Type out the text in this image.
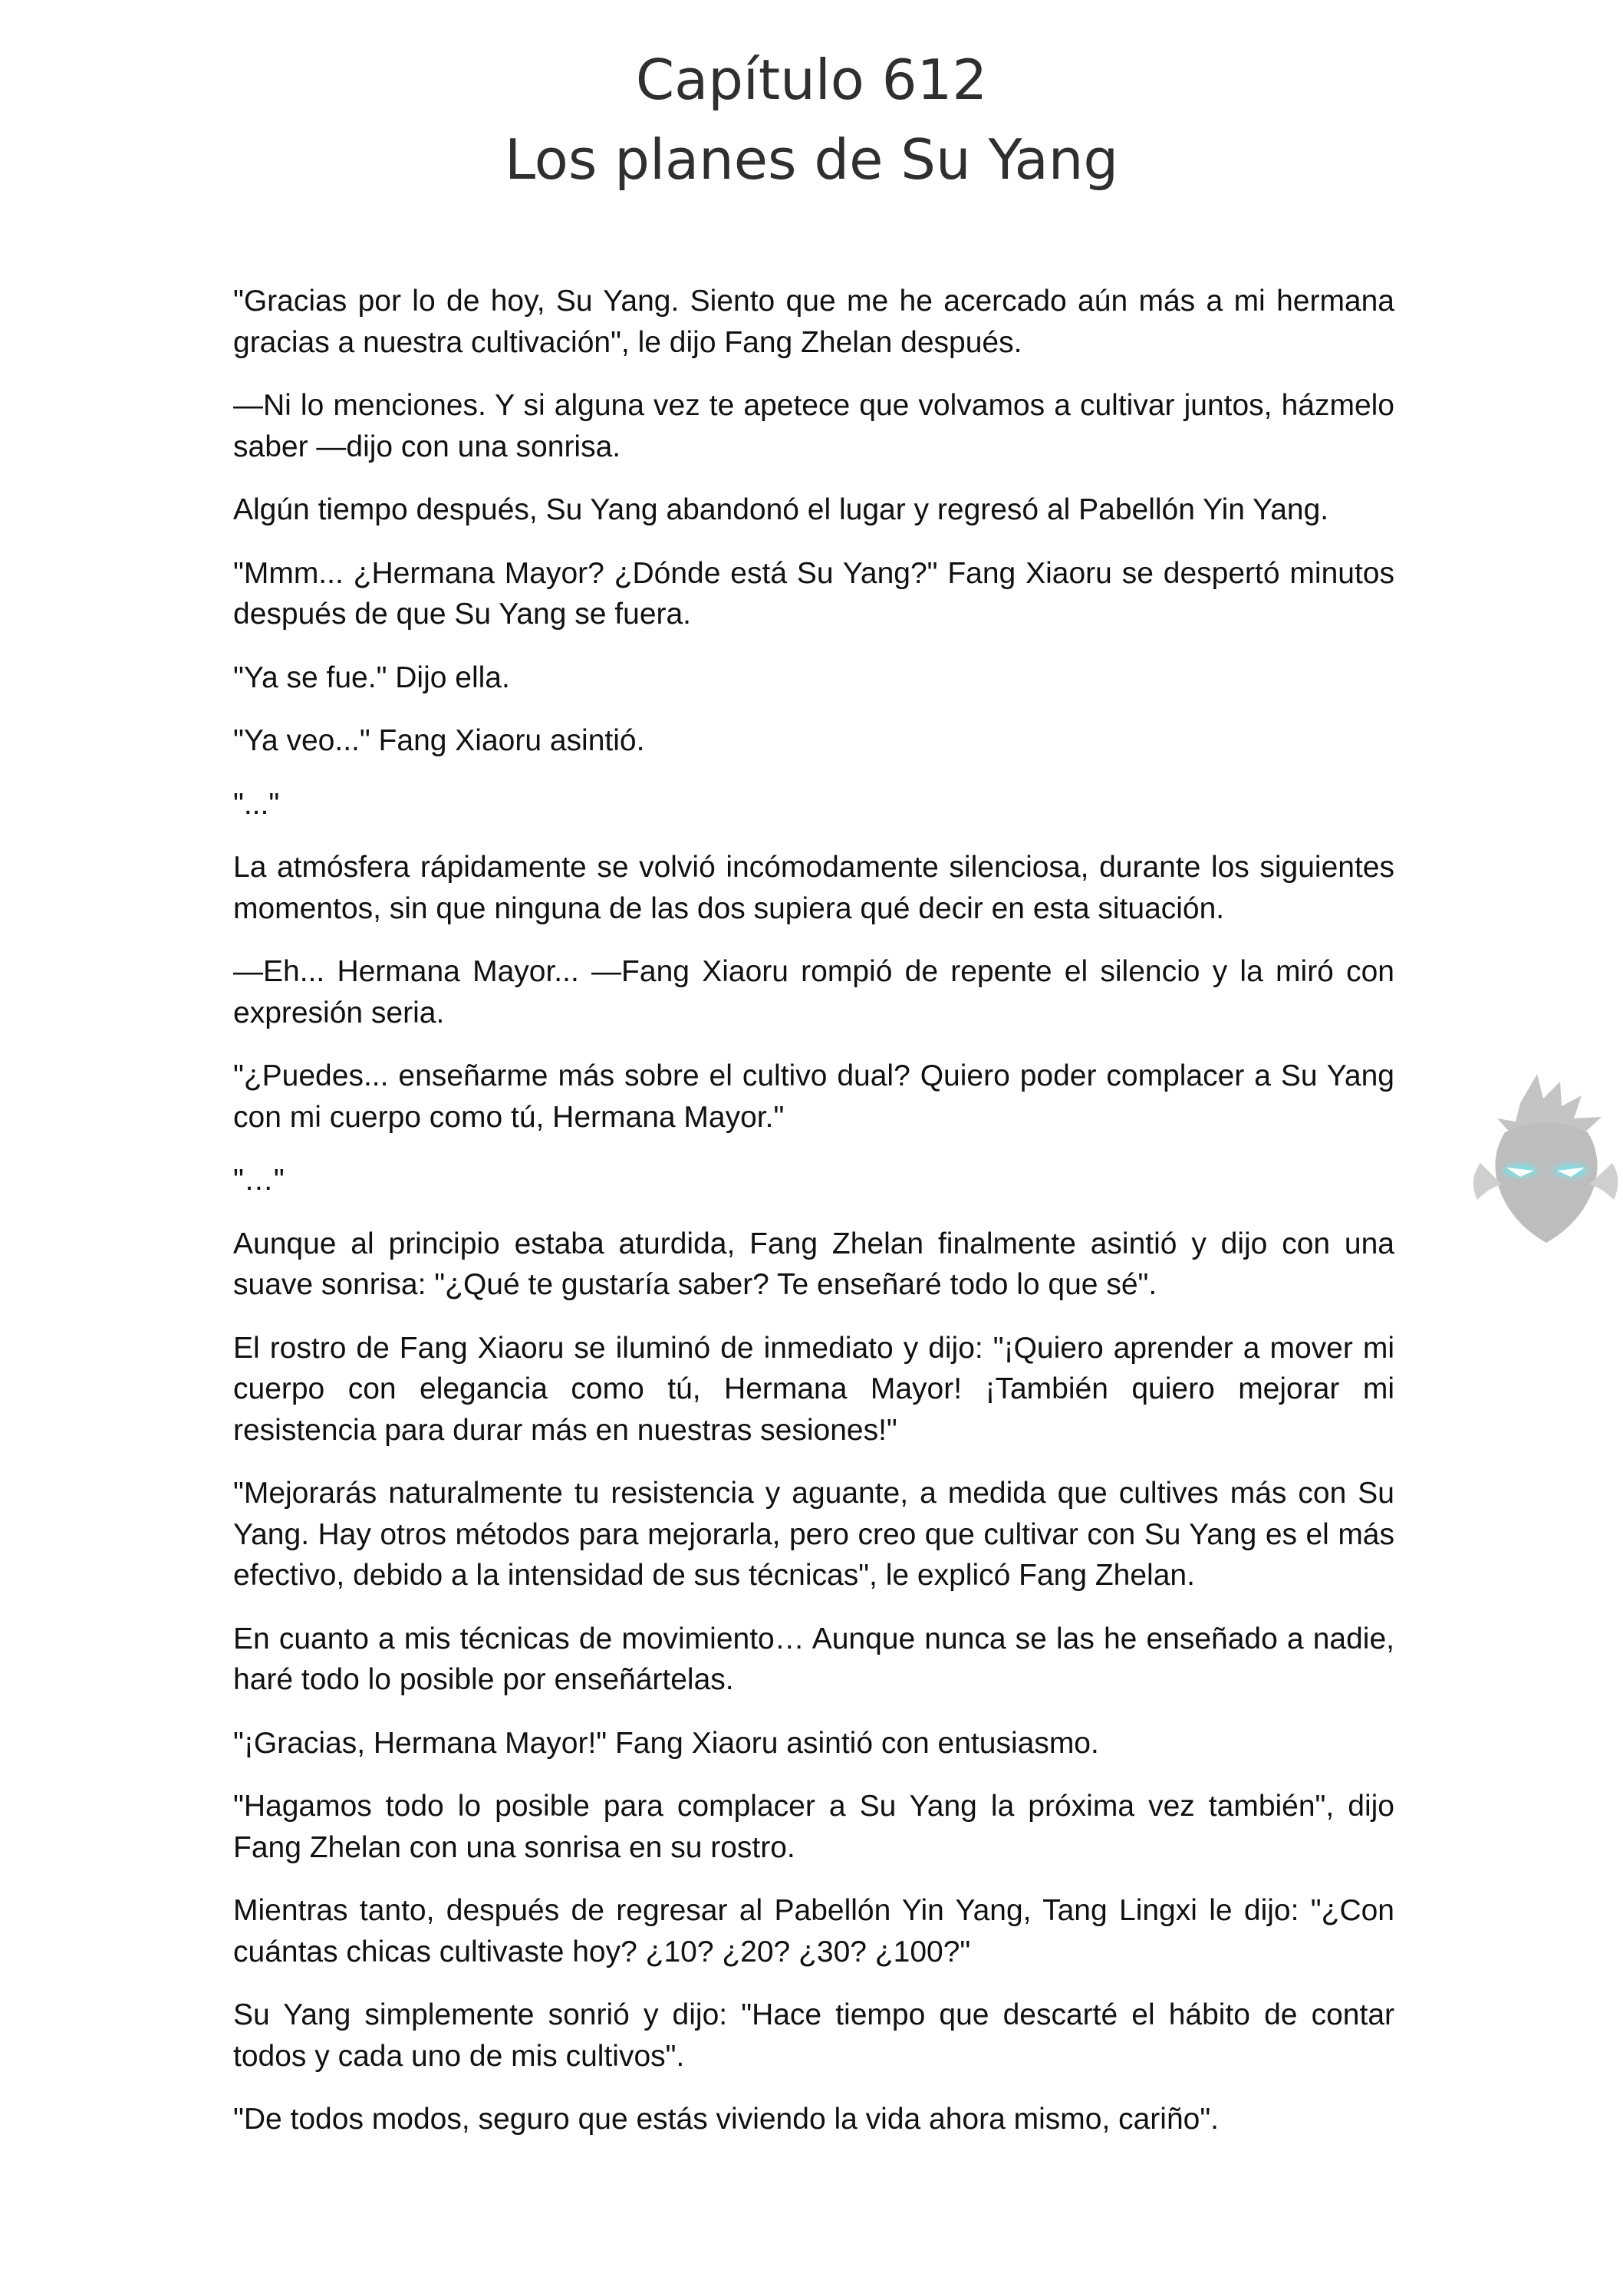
Capítulo 612
Los planes de Su Yang

"Gracias por lo de hoy, Su Yang. Siento que me he acercado aún más a mi hermana gracias a nuestra cultivación", le dijo Fang Zhelan después.

—Ni lo menciones. Y si alguna vez te apetece que volvamos a cultivar juntos, házmelo saber —dijo con una sonrisa.

Algún tiempo después, Su Yang abandonó el lugar y regresó al Pabellón Yin Yang.

"Mmm... ¿Hermana Mayor? ¿Dónde está Su Yang?" Fang Xiaoru se despertó minutos después de que Su Yang se fuera.

"Ya se fue." Dijo ella.

"Ya veo..." Fang Xiaoru asintió.

"..."

La atmósfera rápidamente se volvió incómodamente silenciosa, durante los siguientes momentos, sin que ninguna de las dos supiera qué decir en esta situación.

—Eh... Hermana Mayor... —Fang Xiaoru rompió de repente el silencio y la miró con expresión seria.

"¿Puedes... enseñarme más sobre el cultivo dual? Quiero poder complacer a Su Yang con mi cuerpo como tú, Hermana Mayor."

"…"

Aunque al principio estaba aturdida, Fang Zhelan finalmente asintió y dijo con una suave sonrisa: "¿Qué te gustaría saber? Te enseñaré todo lo que sé".

El rostro de Fang Xiaoru se iluminó de inmediato y dijo: "¡Quiero aprender a mover mi cuerpo con elegancia como tú, Hermana Mayor! ¡También quiero mejorar mi resistencia para durar más en nuestras sesiones!"

"Mejorarás naturalmente tu resistencia y aguante, a medida que cultives más con Su Yang. Hay otros métodos para mejorarla, pero creo que cultivar con Su Yang es el más efectivo, debido a la intensidad de sus técnicas", le explicó Fang Zhelan.

En cuanto a mis técnicas de movimiento… Aunque nunca se las he enseñado a nadie, haré todo lo posible por enseñártelas.

"¡Gracias, Hermana Mayor!" Fang Xiaoru asintió con entusiasmo.

"Hagamos todo lo posible para complacer a Su Yang la próxima vez también", dijo Fang Zhelan con una sonrisa en su rostro.

Mientras tanto, después de regresar al Pabellón Yin Yang, Tang Lingxi le dijo: "¿Con cuántas chicas cultivaste hoy? ¿10? ¿20? ¿30? ¿100?"

Su Yang simplemente sonrió y dijo: "Hace tiempo que descarté el hábito de contar todos y cada uno de mis cultivos".

"De todos modos, seguro que estás viviendo la vida ahora mismo, cariño".
